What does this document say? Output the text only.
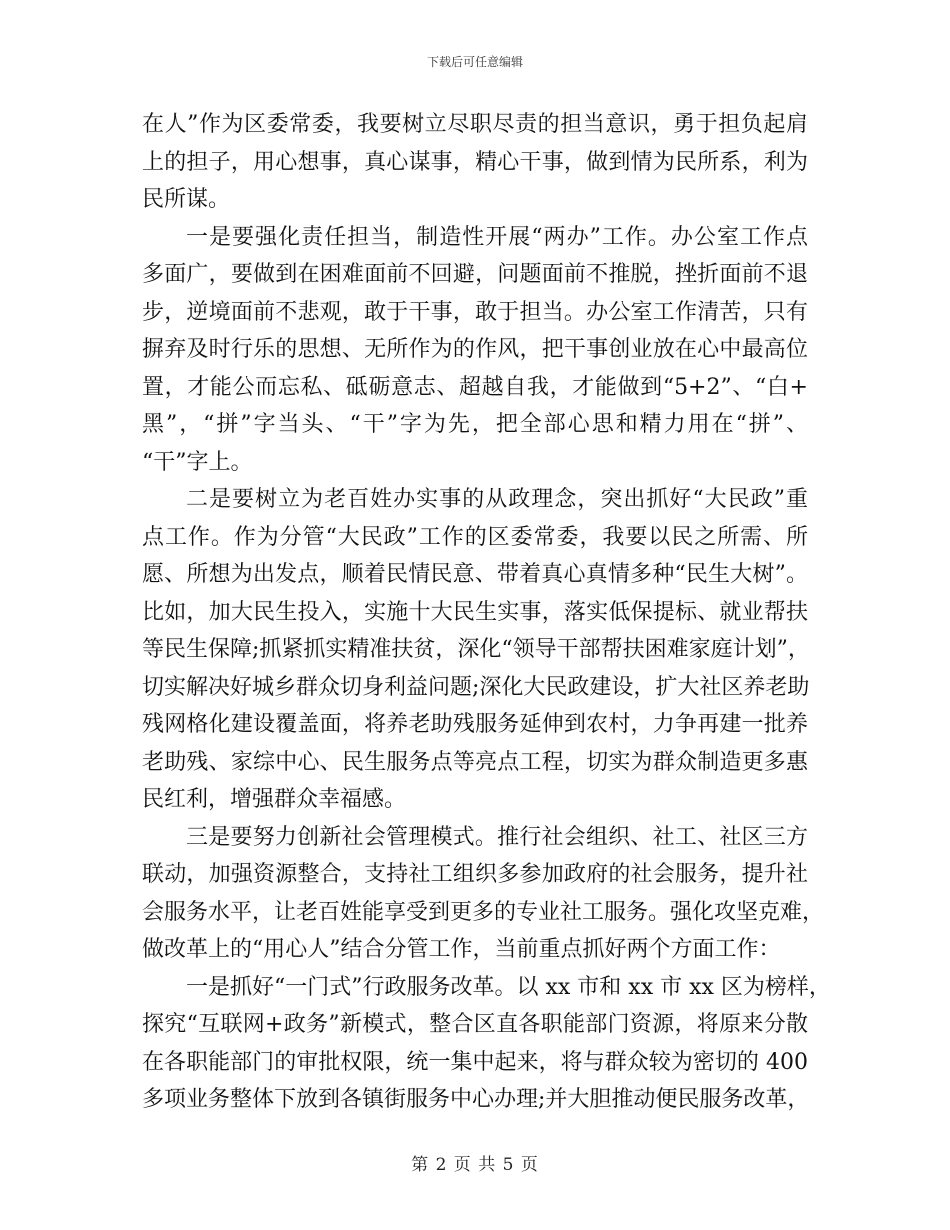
下载后可任意编辑
在人”作为区委常委，我要树立尽职尽责的担当意识，勇于担负起肩
上的担子，用心想事，真心谋事，精心干事，做到情为民所系，利为
民所谋。
一是要强化责任担当，制造性开展“两办”工作。办公室工作点
多面广，要做到在困难面前不回避，问题面前不推脱，挫折面前不退
步，逆境面前不悲观，敢于干事，敢于担当。办公室工作清苦，只有
摒弃及时行乐的思想、无所作为的作风，把干事创业放在心中最高位
置，才能公而忘私、砥砺意志、超越自我，才能做到“5+2”、“白+
黑”，“拼”字当头、“干”字为先，把全部心思和精力用在“拼”、
“干”字上。
二是要树立为老百姓办实事的从政理念，突出抓好“大民政”重
点工作。作为分管“大民政”工作的区委常委，我要以民之所需、所
愿、所想为出发点，顺着民情民意、带着真心真情多种“民生大树”。
比如，加大民生投入，实施十大民生实事，落实低保提标、就业帮扶
等民生保障;抓紧抓实精准扶贫，深化“领导干部帮扶困难家庭计划”，
切实解决好城乡群众切身利益问题;深化大民政建设，扩大社区养老助
残网格化建设覆盖面，将养老助残服务延伸到农村，力争再建一批养
老助残、家综中心、民生服务点等亮点工程，切实为群众制造更多惠
民红利，增强群众幸福感。
三是要努力创新社会管理模式。推行社会组织、社工、社区三方
联动，加强资源整合，支持社工组织多参加政府的社会服务，提升社
会服务水平，让老百姓能享受到更多的专业社工服务。强化攻坚克难，
做改革上的“用心人”结合分管工作，当前重点抓好两个方面工作：
一是抓好“一门式”行政服务改革。以 xx 市和 xx 市 xx 区为榜样，
探究“互联网+政务”新模式，整合区直各职能部门资源，将原来分散
在各职能部门的审批权限，统一集中起来，将与群众较为密切的 400
多项业务整体下放到各镇街服务中心办理;并大胆推动便民服务改革，
第 2 页 共 5 页
